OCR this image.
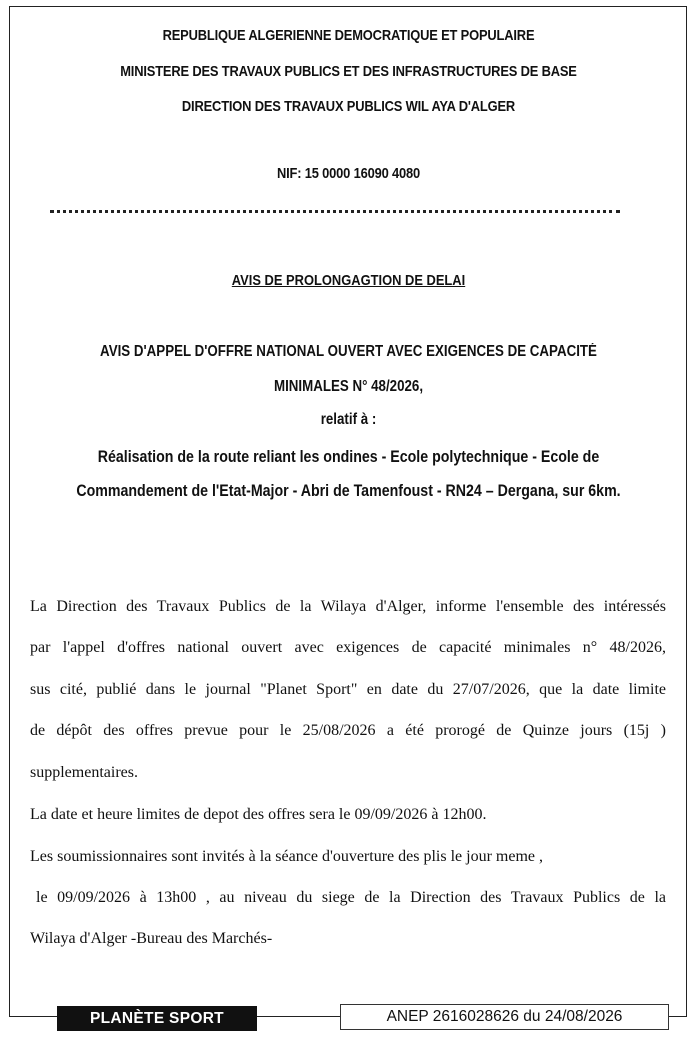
REPUBLIQUE ALGERIENNE DEMOCRATIQUE ET POPULAIRE
MINISTERE DES TRAVAUX PUBLICS ET DES INFRASTRUCTURES DE BASE
DIRECTION DES TRAVAUX PUBLICS WIL AYA D'ALGER
NIF: 15 0000 16090 4080
AVIS DE PROLONGAGTION DE DELAI
AVIS D'APPEL D'OFFRE NATIONAL OUVERT AVEC EXIGENCES DE CAPACITÉ
MINIMALES N° 48/2026,
relatif à :
Réalisation de la route reliant les ondines - Ecole polytechnique - Ecole de
Commandement de l'Etat-Major - Abri de Tamenfoust - RN24 – Dergana, sur 6km.
La Direction des Travaux Publics de la Wilaya d'Alger, informe l'ensemble des intéressés
par l'appel d'offres national ouvert avec exigences de capacité minimales n° 48/2026,
sus cité, publié dans le journal "Planet Sport" en date du 27/07/2026, que la date limite
de dépôt des offres prevue pour le 25/08/2026 a été prorogé de Quinze jours (15j )
supplementaires.
La date et heure limites de depot des offres sera le 09/09/2026 à 12h00.
Les soumissionnaires sont invités à la séance d'ouverture des plis le jour meme ,
le 09/09/2026 à 13h00 , au niveau du siege de la Direction des Travaux Publics de la
Wilaya d'Alger -Bureau des Marchés-
PLANÈTE SPORT	ANEP 2616028626 du 24/08/2026
